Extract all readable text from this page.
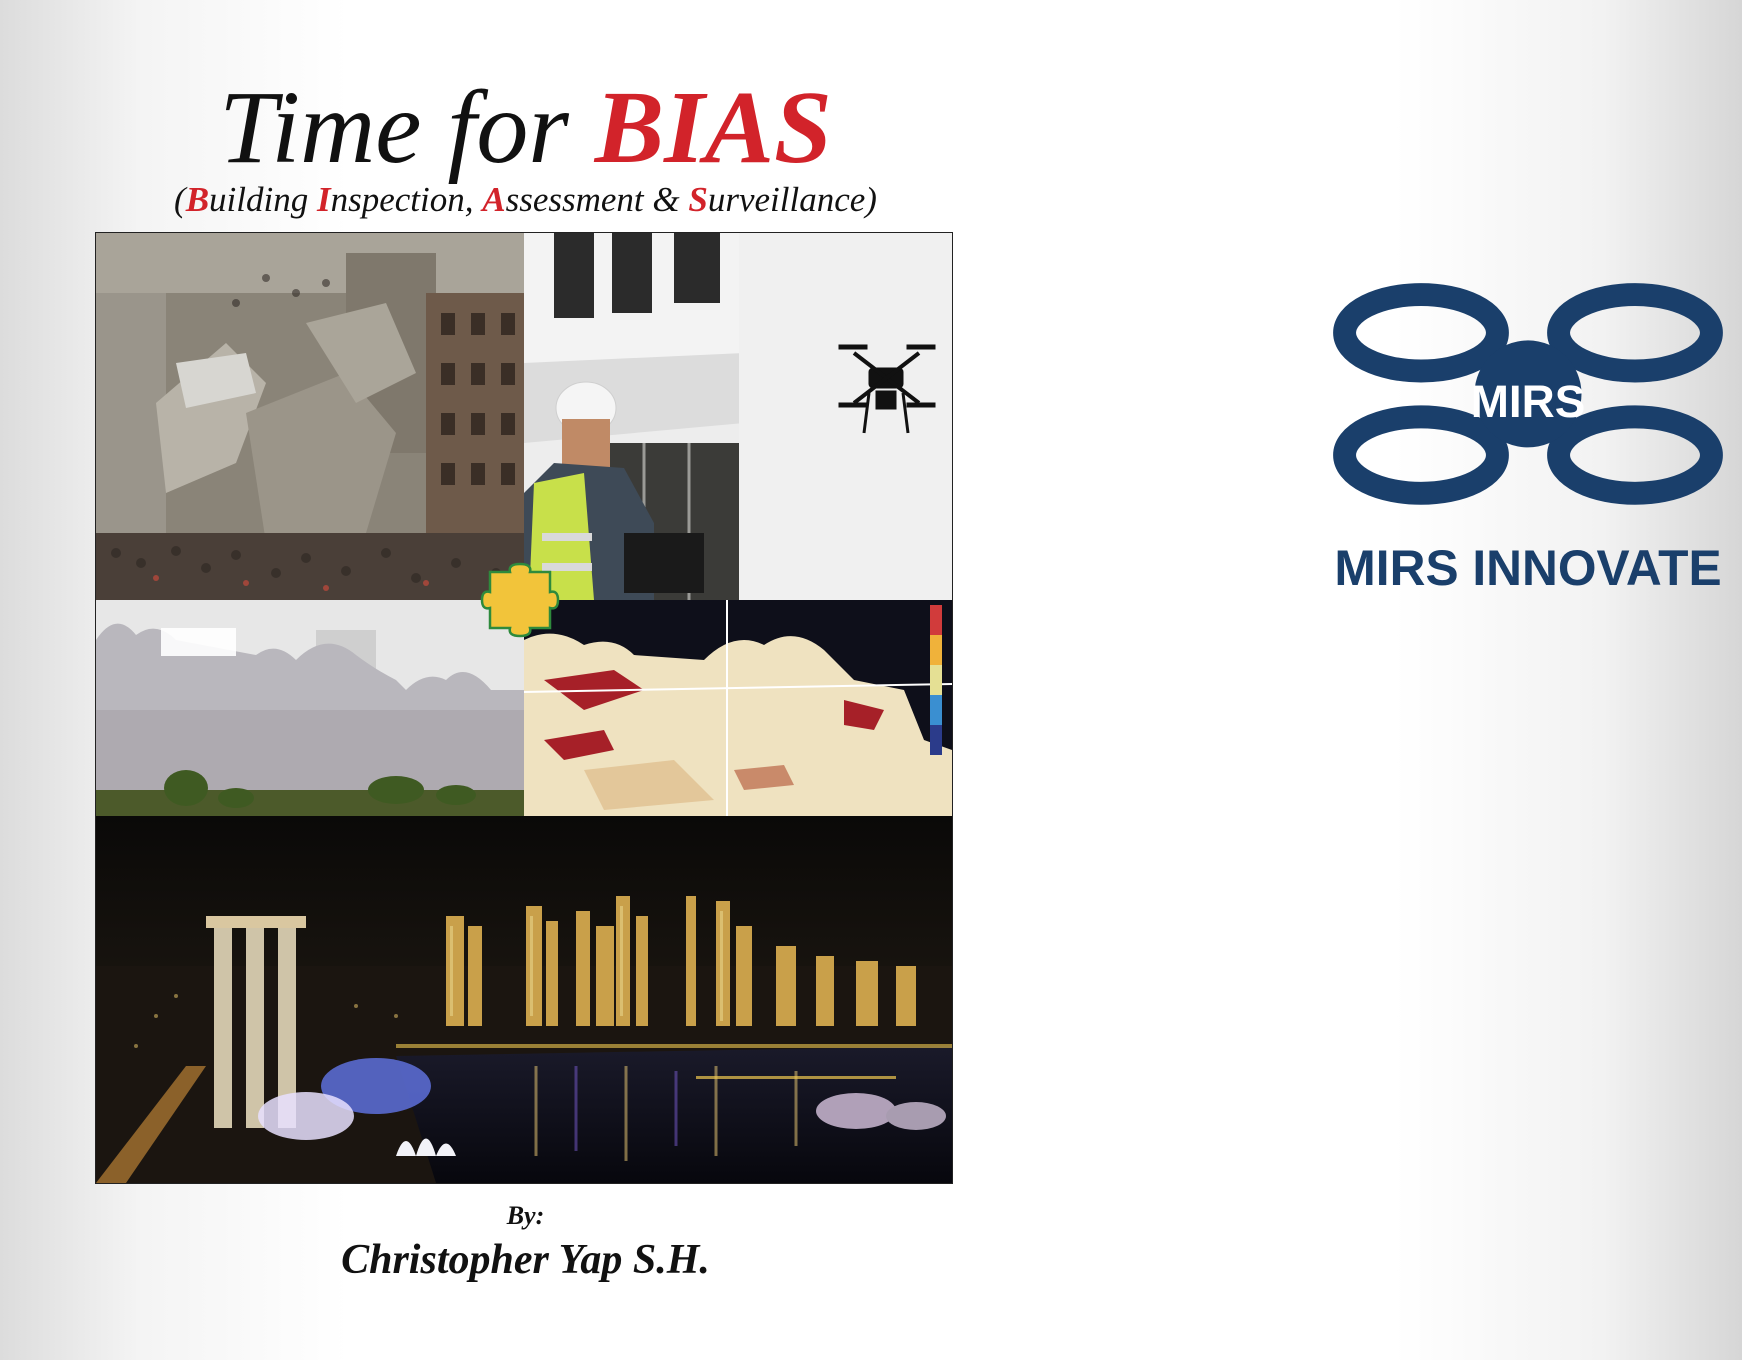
Time for BIAS
(Building Inspection, Assessment & Surveillance)
MIRS
MIRS INNOVATE
By:
Christopher Yap S.H.
